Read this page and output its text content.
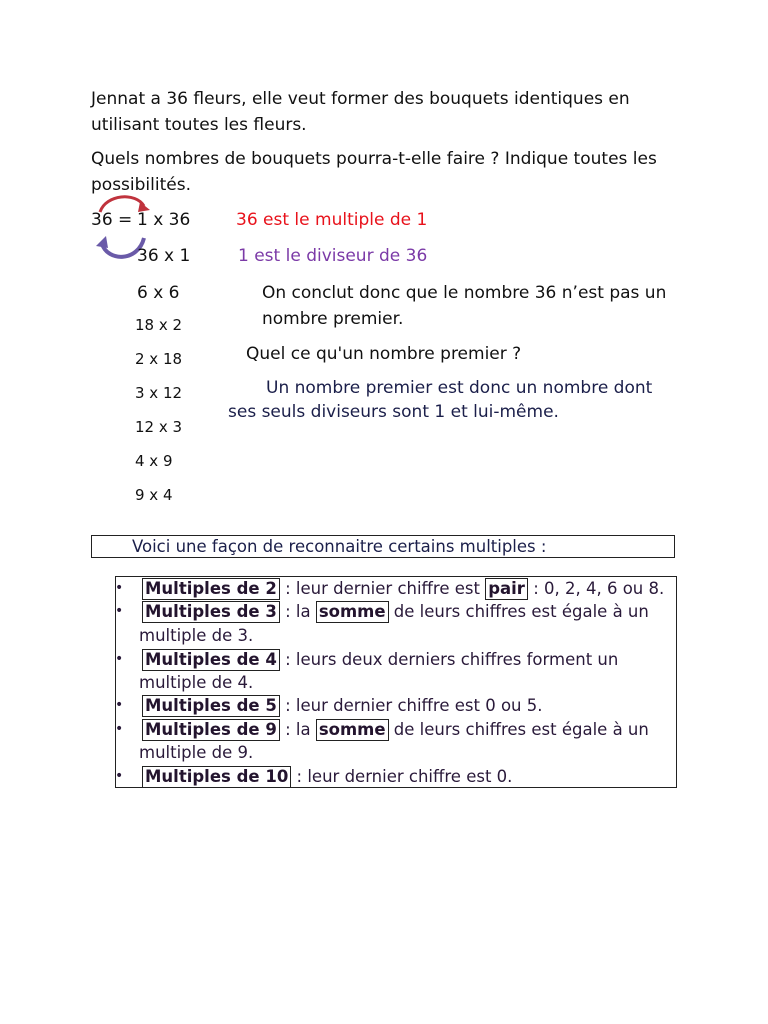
Jennat a 36 fleurs, elle veut former des bouquets identiques en
utilisant toutes les fleurs.
Quels nombres de bouquets pourra-t-elle faire ? Indique toutes les
possibilités.
36 = 1 x 36
36 x 1
6 x 6
18 x 2
2 x 18
3 x 12
12 x 3
4 x 9
9 x 4
36 est le multiple de 1
1 est le diviseur de 36
On conclut donc que le nombre 36 n’est pas un
nombre premier.
Quel ce qu'un nombre premier ?
Un nombre premier est donc un nombre dont
ses seuls diviseurs sont 1 et lui-même.
Voici une façon de reconnaitre certains multiples :
• Multiples de 2 : leur dernier chiffre est pair : 0, 2, 4, 6 ou 8.
• Multiples de 3 : la somme de leurs chiffres est égale à un
multiple de 3.
• Multiples de 4 : leurs deux derniers chiffres forment un
multiple de 4.
• Multiples de 5 : leur dernier chiffre est 0 ou 5.
• Multiples de 9 : la somme de leurs chiffres est égale à un
multiple de 9.
• Multiples de 10 : leur dernier chiffre est 0.
